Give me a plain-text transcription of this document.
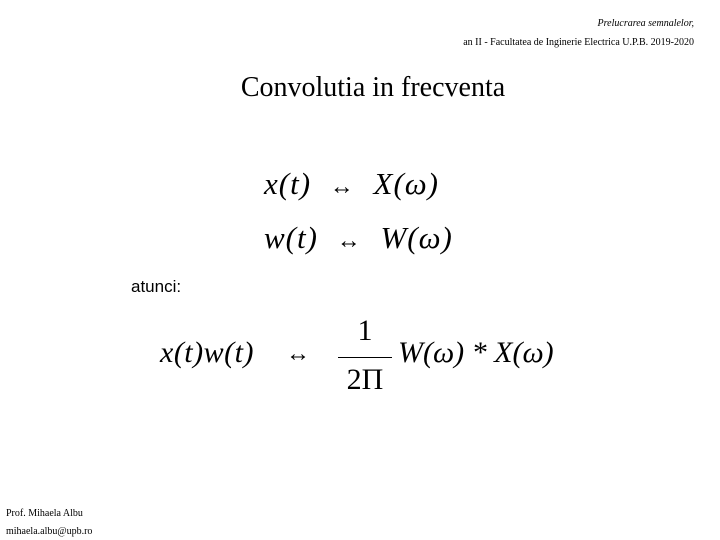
Prelucrarea semnalelor,
an II - Facultatea de Inginerie Electrica U.P.B. 2019-2020
Convolutia in frecventa
x(t) ↔ X(ω)
w(t) ↔ W(ω)
atunci:
x(t)w(t) ↔
1
2Π
W(ω) * X(ω)
Prof. Mihaela Albu
mihaela.albu@upb.ro
